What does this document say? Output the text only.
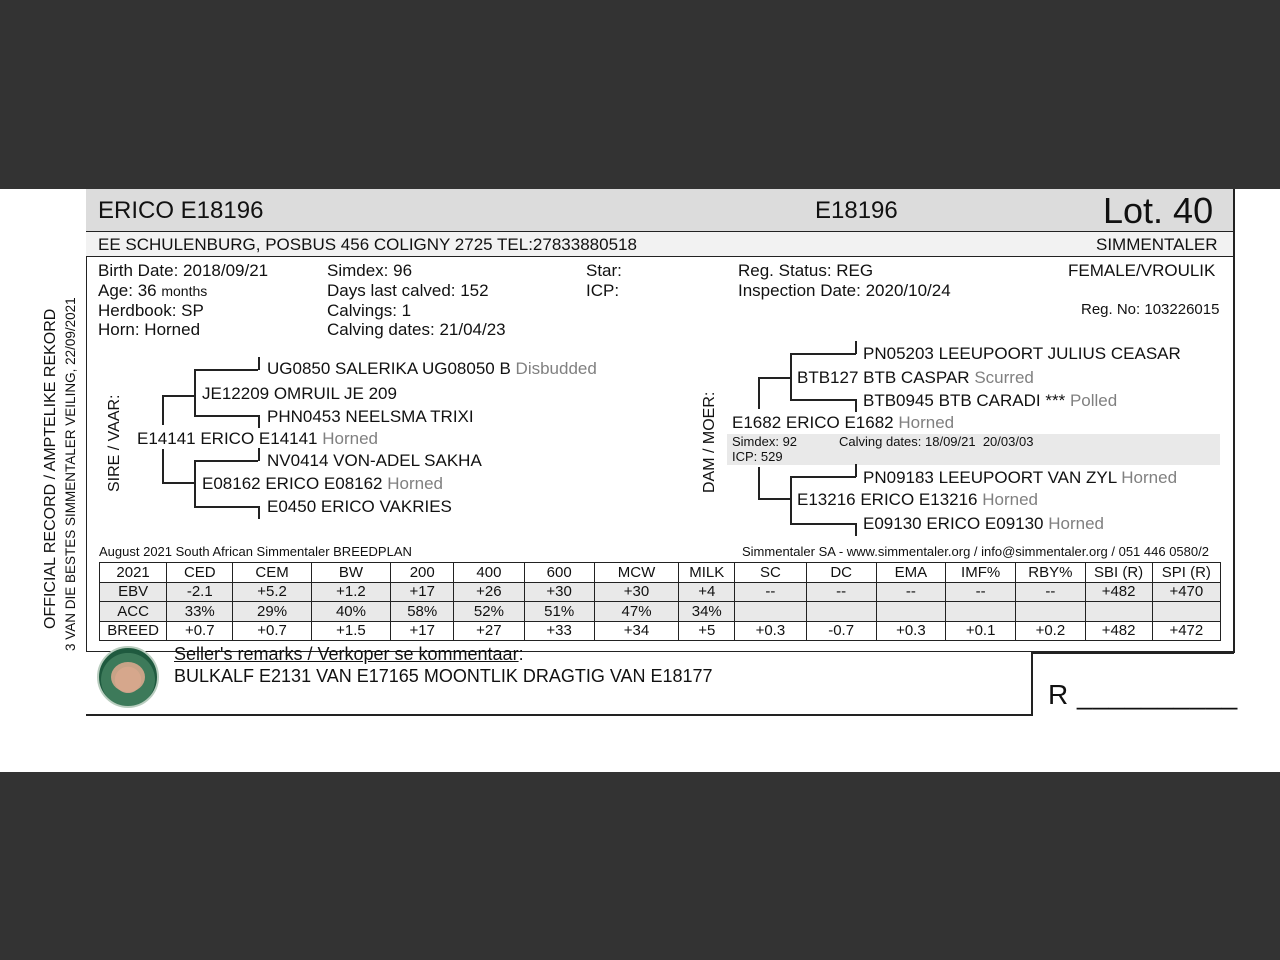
OFFICIAL RECORD / AMPTELIKE REKORD 3 VAN DIE BESTES SIMMENTALER VEILING, 22/09/2021
ERICO E18196	E18196	Lot. 40
EE SCHULENBURG, POSBUS 456 COLIGNY 2725 TEL:27833880518	SIMMENTALER
Birth Date: 2018/09/21
Age: 36 months
Herdbook: SP
Horn: Horned
Simdex: 96
Days last calved: 152
Calvings: 1
Calving dates: 21/04/23
Star:
ICP:
Reg. Status: REG
Inspection Date: 2020/10/24
FEMALE/VROULIK
Reg. No: 103226015
SIRE / VAAR:
UG0850 SALERIKA UG08050 B Disbudded
JE12209 OMRUIL JE 209
PHN0453 NEELSMA TRIXI
E14141 ERICO E14141 Horned
NV0414 VON-ADEL SAKHA
E08162 ERICO E08162 Horned
E0450 ERICO VAKRIES
DAM / MOER:
PN05203 LEEUPOORT JULIUS CEASAR
BTB127 BTB CASPAR Scurred
BTB0945 BTB CARADI *** Polled
E1682 ERICO E1682 Horned
Simdex: 92	Calving dates: 18/09/21  20/03/03
ICP: 529
PN09183 LEEUPOORT VAN ZYL Horned
E13216 ERICO E13216 Horned
E09130 ERICO E09130 Horned
August 2021 South African Simmentaler BREEDPLAN	Simmentaler SA - www.simmentaler.org / info@simmentaler.org / 051 446 0580/2
2021	CED	CEM	BW	200	400	600	MCW	MILK	SC	DC	EMA	IMF%	RBY%	SBI (R)	SPI (R)
EBV	-2.1	+5.2	+1.2	+17	+26	+30	+30	+4	--	--	--	--	--	+482	+470
ACC	33%	29%	40%	58%	52%	51%	47%	34%							
BREED	+0.7	+0.7	+1.5	+17	+27	+33	+34	+5	+0.3	-0.7	+0.3	+0.1	+0.2	+482	+472
Seller's remarks / Verkoper se kommentaar:
BULKALF E2131 VAN E17165 MOONTLIK DRAGTIG VAN E18177
R __________
